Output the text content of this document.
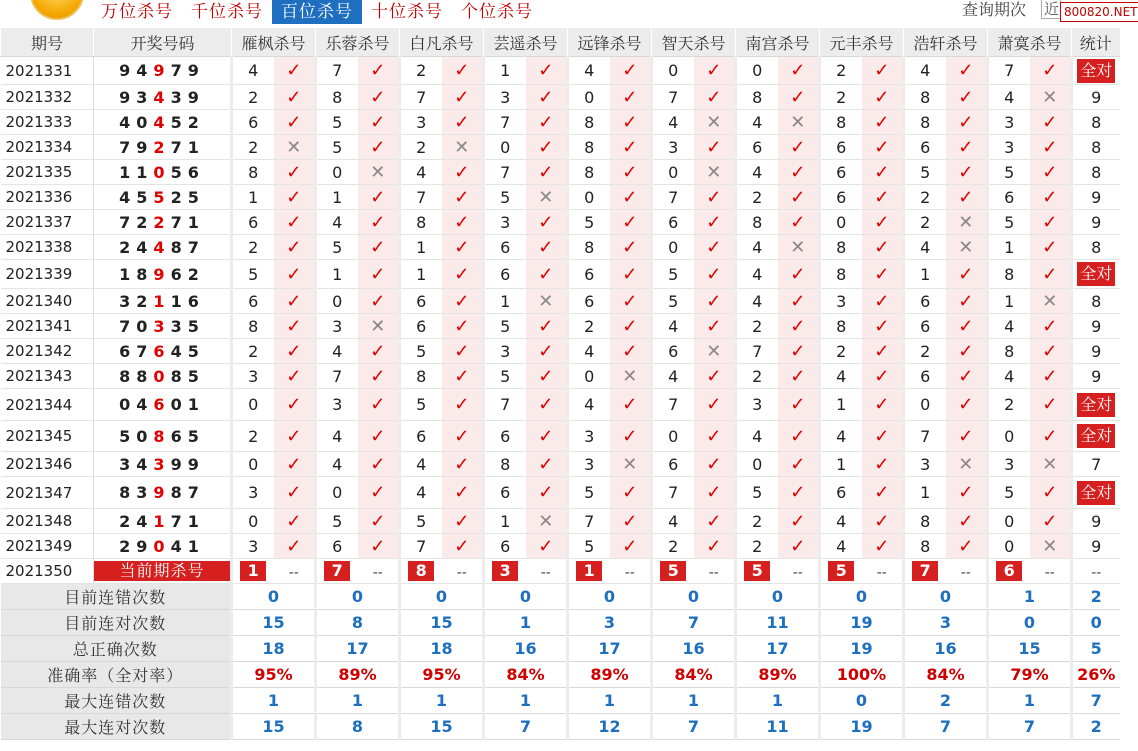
万位杀号	千位杀号	百位杀号	十位杀号	个位杀号	查询期次 近 800820.NET
期号	开奖号码	雁枫杀号		乐蓉杀号		白凡杀号		芸遥杀号		远锋杀号		智天杀号		南宫杀号		元丰杀号		浩轩杀号		萧寞杀号		统计
2021331	94979	4	✓	7	✓	2	✓	1	✓	4	✓	0	✓	0	✓	2	✓	4	✓	7	✓	全对
2021332	93439	2	✓	8	✓	7	✓	3	✓	0	✓	7	✓	8	✓	2	✓	8	✓	4	✕	9
2021333	40452	6	✓	5	✓	3	✓	7	✓	8	✓	4	✕	4	✕	8	✓	8	✓	3	✓	8
2021334	79271	2	✕	5	✓	2	✕	0	✓	8	✓	3	✓	6	✓	6	✓	6	✓	3	✓	8
2021335	11056	8	✓	0	✕	4	✓	7	✓	8	✓	0	✕	4	✓	6	✓	5	✓	5	✓	8
2021336	45525	1	✓	1	✓	7	✓	5	✕	0	✓	7	✓	2	✓	6	✓	2	✓	6	✓	9
2021337	72271	6	✓	4	✓	8	✓	3	✓	5	✓	6	✓	8	✓	0	✓	2	✕	5	✓	9
2021338	24487	2	✓	5	✓	1	✓	6	✓	8	✓	0	✓	4	✕	8	✓	4	✕	1	✓	8
2021339	18962	5	✓	1	✓	1	✓	6	✓	6	✓	5	✓	4	✓	8	✓	1	✓	8	✓	全对
2021340	32116	6	✓	0	✓	6	✓	1	✕	6	✓	5	✓	4	✓	3	✓	6	✓	1	✕	8
2021341	70335	8	✓	3	✕	6	✓	5	✓	2	✓	4	✓	2	✓	8	✓	6	✓	4	✓	9
2021342	67645	2	✓	4	✓	5	✓	3	✓	4	✓	6	✕	7	✓	2	✓	2	✓	8	✓	9
2021343	88085	3	✓	7	✓	8	✓	5	✓	0	✕	4	✓	2	✓	4	✓	6	✓	4	✓	9
2021344	04601	0	✓	3	✓	5	✓	7	✓	4	✓	7	✓	3	✓	1	✓	0	✓	2	✓	全对
2021345	50865	2	✓	4	✓	6	✓	6	✓	3	✓	0	✓	4	✓	4	✓	7	✓	0	✓	全对
2021346	34399	0	✓	4	✓	4	✓	8	✓	3	✕	6	✓	0	✓	1	✓	3	✕	3	✕	7
2021347	83987	3	✓	0	✓	4	✓	6	✓	5	✓	7	✓	5	✓	6	✓	1	✓	5	✓	全对
2021348	24171	0	✓	5	✓	5	✓	1	✕	7	✓	4	✓	2	✓	4	✓	8	✓	0	✓	9
2021349	29041	3	✓	6	✓	7	✓	6	✓	5	✓	2	✓	2	✓	4	✓	8	✓	0	✕	9
2021350	当前期杀号	1	--	7	--	8	--	3	--	1	--	5	--	5	--	5	--	7	--	6	--	--
目前连错次数		0		0		0		0		0		0		0		0		0		1		2
目前连对次数		15		8		15		1		3		7		11		19		3		0		0
总正确次数		18		17		18		16		17		16		17		19		16		15		5
准确率（全对率）		95%		89%		95%		84%		89%		84%		89%		100%		84%		79%		26%
最大连错次数		1		1		1		1		1		1		1		0		2		1		7
最大连对次数		15		8		15		7		12		7		11		19		7		7		2
